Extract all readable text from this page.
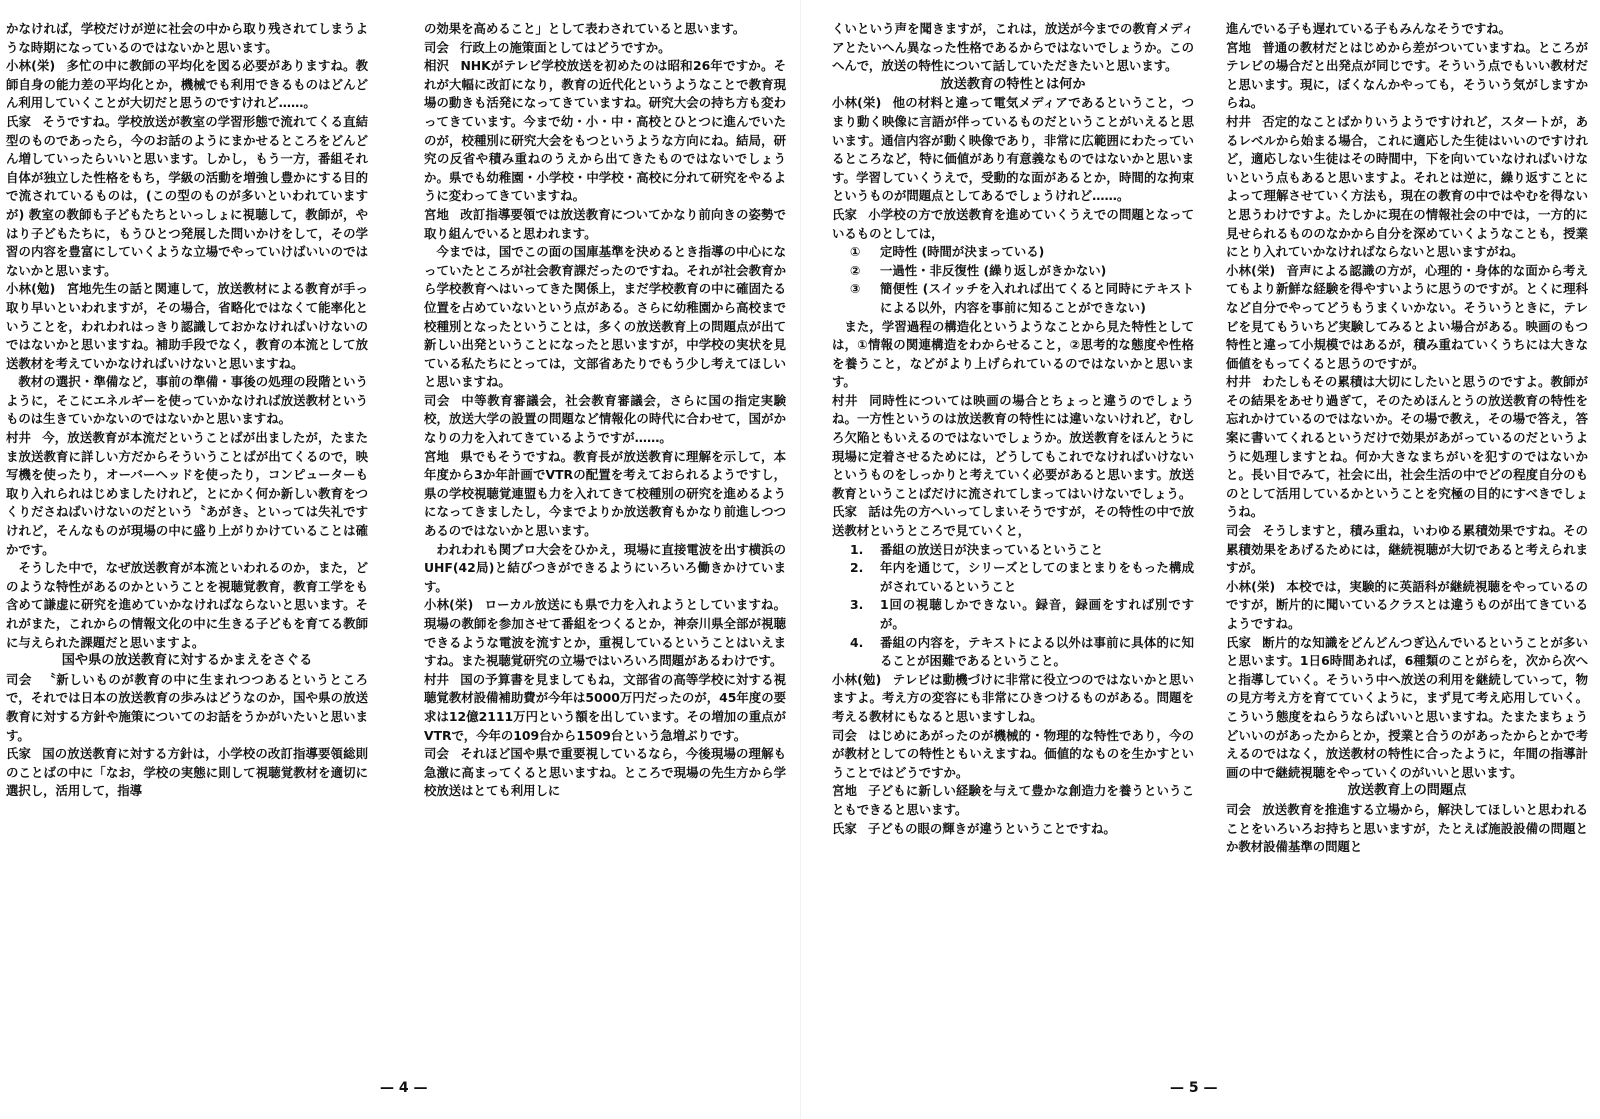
かなければ，学校だけが逆に社会の中から取り残されてしまうような時期になっているのではないかと思います。

小林(栄) 多忙の中に教師の平均化を図る必要がありますね。教師自身の能力差の平均化とか，機械でも利用できるものはどんどん利用していくことが大切だと思うのですけれど……。

氏家 そうですね。学校放送が教室の学習形態で流れてくる直結型のものであったら，今のお話のようにまかせるところをどんどん増していったらいいと思います。しかし，もう一方，番組それ自体が独立した性格をもち，学級の活動を増強し豊かにする目的で流されているものは，(この型のものが多いといわれていますが) 教室の教師も子どもたちといっしょに視聴して，教師が，やはり子どもたちに，もうひとつ発展した問いかけをして，その学習の内容を豊富にしていくような立場でやっていけばいいのではないかと思います。

小林(勉) 宮地先生の話と関連して，放送教材による教育が手っ取り早いといわれますが，その場合，省略化ではなくて能率化ということを，われわれはっきり認識しておかなければいけないのではないかと思いますね。補助手段でなく，教育の本流として放送教材を考えていかなければいけないと思いますね。

教材の選択・準備など，事前の準備・事後の処理の段階というように，そこにエネルギーを使っていかなければ放送教材というものは生きていかないのではないかと思いますね。

村井 今，放送教育が本流だということばが出ましたが，たまたま放送教育に詳しい方だからそういうことばが出てくるので，映写機を使ったり，オーバーヘッドを使ったり，コンピューターも取り入れられはじめましたけれど，とにかく何か新しい教育をつくりださねばいけないのだという〝あがき〟といっては失礼ですけれど，そんなものが現場の中に盛り上がりかけていることは確かです。

そうした中で，なぜ放送教育が本流といわれるのか，また，どのような特性があるのかということを視聴覚教育，教育工学をも含めて謙虚に研究を進めていかなければならないと思います。それがまた，これからの情報文化の中に生きる子どもを育てる教師に与えられた課題だと思いますよ。

国や県の放送教育に対するかまえをさぐる

司会 〝新しいものが教育の中に生まれつつあるというところで，それでは日本の放送教育の歩みはどうなのか，国や県の放送教育に対する方針や施策についてのお話をうかがいたいと思います。

氏家 国の放送教育に対する方針は，小学校の改訂指導要領総則のことばの中に「なお，学校の実態に則して視聴覚教材を適切に選択し，活用して，指導

の効果を高めること」として表わされていると思います。

司会 行政上の施策面としてはどうですか。

相沢 NHKがテレビ学校放送を初めたのは昭和26年ですか。それが大幅に改訂になり，教育の近代化というようなことで教育現場の動きも活発になってきていますね。研究大会の持ち方も変わってきています。今まで幼・小・中・高校とひとつに進んでいたのが，校種別に研究大会をもつというような方向にね。結局，研究の反省や積み重ねのうえから出てきたものではないでしょうか。県でも幼稚園・小学校・中学校・高校に分れて研究をやるように変わってきていますね。

宮地 改訂指導要領では放送教育についてかなり前向きの姿勢で取り組んでいると思われます。

今までは，国でこの面の国庫基準を決めるとき指導の中心になっていたところが社会教育課だったのですね。それが社会教育から学校教育へはいってきた関係上，まだ学校教育の中に確固たる位置を占めていないという点がある。さらに幼稚園から高校まで校種別となったということは，多くの放送教育上の問題点が出て新しい出発ということになったと思いますが，中学校の実状を見ている私たちにとっては，文部省あたりでもう少し考えてほしいと思いますね。

司会 中等教育審議会，社会教育審議会，さらに国の指定実験校，放送大学の設置の問題など情報化の時代に合わせて，国がかなりの力を入れてきているようですが……。

宮地 県でもそうですね。教育長が放送教育に理解を示して，本年度から3か年計画でVTRの配置を考えておられるようですし，県の学校視聴覚連盟も力を入れてきて校種別の研究を進めるようになってきましたし，今までよりか放送教育もかなり前進しつつあるのではないかと思います。

われわれも関ブロ大会をひかえ，現場に直接電波を出す横浜のUHF(42局)と結びつきができるようにいろいろ働きかけています。

小林(栄) ローカル放送にも県で力を入れようとしていますね。現場の教師を参加させて番組をつくるとか，神奈川県全部が視聴できるような電波を流すとか，重視しているということはいえますね。また視聴覚研究の立場ではいろいろ問題があるわけです。

村井 国の予算書を見ましてもね，文部省の高等学校に対する視聴覚教材設備補助費が今年は5000万円だったのが，45年度の要求は12億2111万円という額を出しています。その増加の重点がVTRで，今年の109台から1509台という急増ぶりです。

司会 それほど国や県で重要視しているなら，今後現場の理解も急激に高まってくると思いますね。ところで現場の先生方から学校放送はとても利用しに

くいという声を聞きますが，これは，放送が今までの教育メディアとたいへん異なった性格であるからではないでしょうか。このへんで，放送の特性について話していただきたいと思います。

放送教育の特性とは何か

小林(栄) 他の材料と違って電気メディアであるということ，つまり動く映像に言語が伴っているものだということがいえると思います。通信内容が動く映像であり，非常に広範囲にわたっているところなど，特に価値があり有意義なものではないかと思います。学習していくうえで，受動的な面があるとか，時間的な拘束というものが問題点としてあるでしょうけれど……。

氏家 小学校の方で放送教育を進めていくうえでの問題となっているものとしては，

①	定時性 (時間が決まっている)
②	一過性・非反復性 (繰り返しがきかない)
③	簡便性 (スイッチを入れれば出てくると同時にテキストによる以外，内容を事前に知ることができない)

また，学習過程の構造化というようなことから見た特性としては，①情報の関連構造をわからせること，②思考的な態度や性格を養うこと，などがより上げられているのではないかと思います。

村井 同時性については映画の場合とちょっと違うのでしょうね。一方性というのは放送教育の特性には違いないけれど，むしろ欠陥ともいえるのではないでしょうか。放送教育をほんとうに現場に定着させるためには，どうしてもこれでなければいけないというものをしっかりと考えていく必要があると思います。放送教育ということばだけに流されてしまってはいけないでしょう。

氏家 話は先の方へいってしまいそうですが，その特性の中で放送教材というところで見ていくと，

1.	番組の放送日が決まっているということ
2.	年内を通じて，シリーズとしてのまとまりをもった構成がされているということ
3.	1回の視聴しかできない。録音，録画をすれば別ですが。
4.	番組の内容を，テキストによる以外は事前に具体的に知ることが困難であるということ。

小林(勉) テレビは動機づけに非常に役立つのではないかと思いますよ。考え方の変容にも非常にひきつけるものがある。問題を考える教材にもなると思いますしね。

司会 はじめにあがったのが機械的・物理的な特性であり，今のが教材としての特性ともいえますね。価値的なものを生かすということではどうですか。

宮地 子どもに新しい経験を与えて豊かな創造力を養うということもできると思います。

氏家 子どもの眼の輝きが違うということですね。

進んでいる子も遅れている子もみんなそうですね。

宮地 普通の教材だとはじめから差がついていますね。ところがテレビの場合だと出発点が同じです。そういう点でもいい教材だと思います。現に，ぼくなんかやっても，そういう気がしますからね。

村井 否定的なことばかりいうようですけれど，スタートが，あるレベルから始まる場合，これに適応した生徒はいいのですけれど，適応しない生徒はその時間中，下を向いていなければいけないという点もあると思いますよ。それとは逆に，繰り返すことによって理解させていく方法も，現在の教育の中ではやむを得ないと思うわけですよ。たしかに現在の情報社会の中では，一方的に見せられるもののなかから自分を深めていくようなことも，授業にとり入れていかなければならないと思いますがね。

小林(栄) 音声による認識の方が，心理的・身体的な面から考えてもより新鮮な経験を得やすいように思うのですが。とくに理科など自分でやってどうもうまくいかない。そういうときに，テレビを見てもういちど実験してみるとよい場合がある。映画のもつ特性と違って小規模ではあるが，積み重ねていくうちには大きな価値をもってくると思うのですが。

村井 わたしもその累積は大切にしたいと思うのですよ。教師がその結果をあせり過ぎて，そのためほんとうの放送教育の特性を忘れかけているのではないか。その場で教え，その場で答え，答案に書いてくれるというだけで効果があがっているのだというように処理しますとね。何か大きなまちがいを犯すのではないかと。長い目でみて，社会に出，社会生活の中でどの程度自分のものとして活用しているかということを究極の目的にすべきでしょうね。

司会 そうしますと，積み重ね，いわゆる累積効果ですね。その累積効果をあげるためには，継続視聴が大切であると考えられますが。

小林(栄) 本校では，実験的に英語科が継続視聴をやっているのですが，断片的に聞いているクラスとは違うものが出てきているようですね。

氏家 断片的な知識をどんどんつぎ込んでいるということが多いと思います。1日6時間あれば，6種類のことがらを，次から次へと指導していく。そういう中へ放送の利用を継続していって，物の見方考え方を育てていくように，まず見て考え応用していく。こういう態度をねらうならばいいと思いますね。たまたまちょうどいいのがあったからとか，授業と合うのがあったからとかで考えるのではなく，放送教材の特性に合ったように，年間の指導計画の中で継続視聴をやっていくのがいいと思います。

放送教育上の問題点

司会 放送教育を推進する立場から，解決してほしいと思われることをいろいろお持ちと思いますが，たとえば施設設備の問題とか教材設備基準の問題と

— 4 —	— 5 —
